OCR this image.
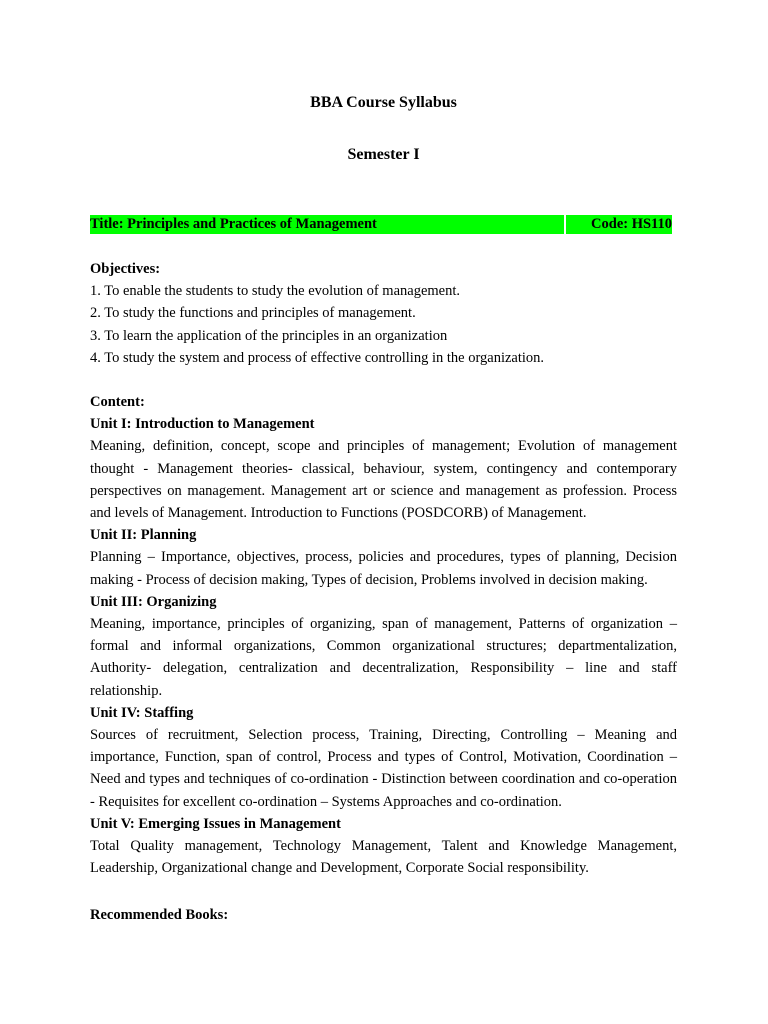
BBA Course Syllabus
Semester I
Title: Principles and Practices of Management	Code: HS110

Objectives:

1. To enable the students to study the evolution of management.

2. To study the functions and principles of management.

3. To learn the application of the principles in an organization

4. To study the system and process of effective controlling in the organization.

Content:

Unit I: Introduction to Management

Meaning, definition, concept, scope and principles of management; Evolution of management thought - Management theories- classical, behaviour, system, contingency and contemporary perspectives on management. Management art or science and management as profession. Process and levels of Management. Introduction to Functions (POSDCORB) of Management.

Unit II: Planning

Planning – Importance, objectives, process, policies and procedures, types of planning, Decision making - Process of decision making, Types of decision, Problems involved in decision making.

Unit III: Organizing

Meaning, importance, principles of organizing, span of management, Patterns of organization – formal and informal organizations, Common organizational structures; departmentalization, Authority- delegation, centralization and decentralization, Responsibility – line and staff relationship.

Unit IV: Staffing

Sources of recruitment, Selection process, Training, Directing, Controlling – Meaning and importance, Function, span of control, Process and types of Control, Motivation, Coordination – Need and types and techniques of co-ordination - Distinction between coordination and co-operation - Requisites for excellent co-ordination – Systems Approaches and co-ordination.

Unit V: Emerging Issues in Management

Total Quality management, Technology Management, Talent and Knowledge Management, Leadership, Organizational change and Development, Corporate Social responsibility.

Recommended Books:
